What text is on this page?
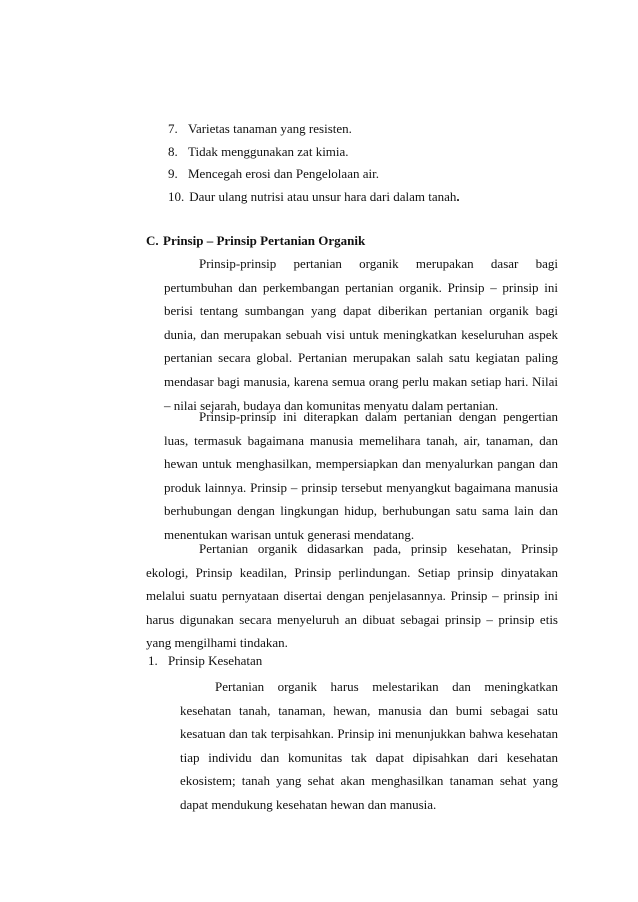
7. Varietas tanaman yang resisten.
8. Tidak menggunakan zat kimia.
9. Mencegah erosi dan Pengelolaan air.
10. Daur ulang nutrisi atau unsur hara dari dalam tanah.
C. Prinsip – Prinsip Pertanian Organik
Prinsip-prinsip pertanian organik merupakan dasar bagi pertumbuhan dan perkembangan pertanian organik. Prinsip – prinsip ini berisi tentang sumbangan yang dapat diberikan pertanian organik bagi dunia, dan merupakan sebuah visi untuk meningkatkan keseluruhan aspek pertanian secara global. Pertanian merupakan salah satu kegiatan paling mendasar bagi manusia, karena semua orang perlu makan setiap hari. Nilai – nilai sejarah, budaya dan komunitas menyatu dalam pertanian.
Prinsip-prinsip ini diterapkan dalam pertanian dengan pengertian luas, termasuk bagaimana manusia memelihara tanah, air, tanaman, dan hewan untuk menghasilkan, mempersiapkan dan menyalurkan pangan dan produk lainnya. Prinsip – prinsip tersebut menyangkut bagaimana manusia berhubungan dengan lingkungan hidup, berhubungan satu sama lain dan menentukan warisan untuk generasi mendatang.
Pertanian organik didasarkan pada, prinsip kesehatan, Prinsip ekologi, Prinsip keadilan, Prinsip perlindungan. Setiap prinsip dinyatakan melalui suatu pernyataan disertai dengan penjelasannya. Prinsip – prinsip ini harus digunakan secara menyeluruh an dibuat sebagai prinsip – prinsip etis yang mengilhami tindakan.
1. Prinsip Kesehatan
Pertanian organik harus melestarikan dan meningkatkan kesehatan tanah, tanaman, hewan, manusia dan bumi sebagai satu kesatuan dan tak terpisahkan. Prinsip ini menunjukkan bahwa kesehatan tiap individu dan komunitas tak dapat dipisahkan dari kesehatan ekosistem; tanah yang sehat akan menghasilkan tanaman sehat yang dapat mendukung kesehatan hewan dan manusia.
